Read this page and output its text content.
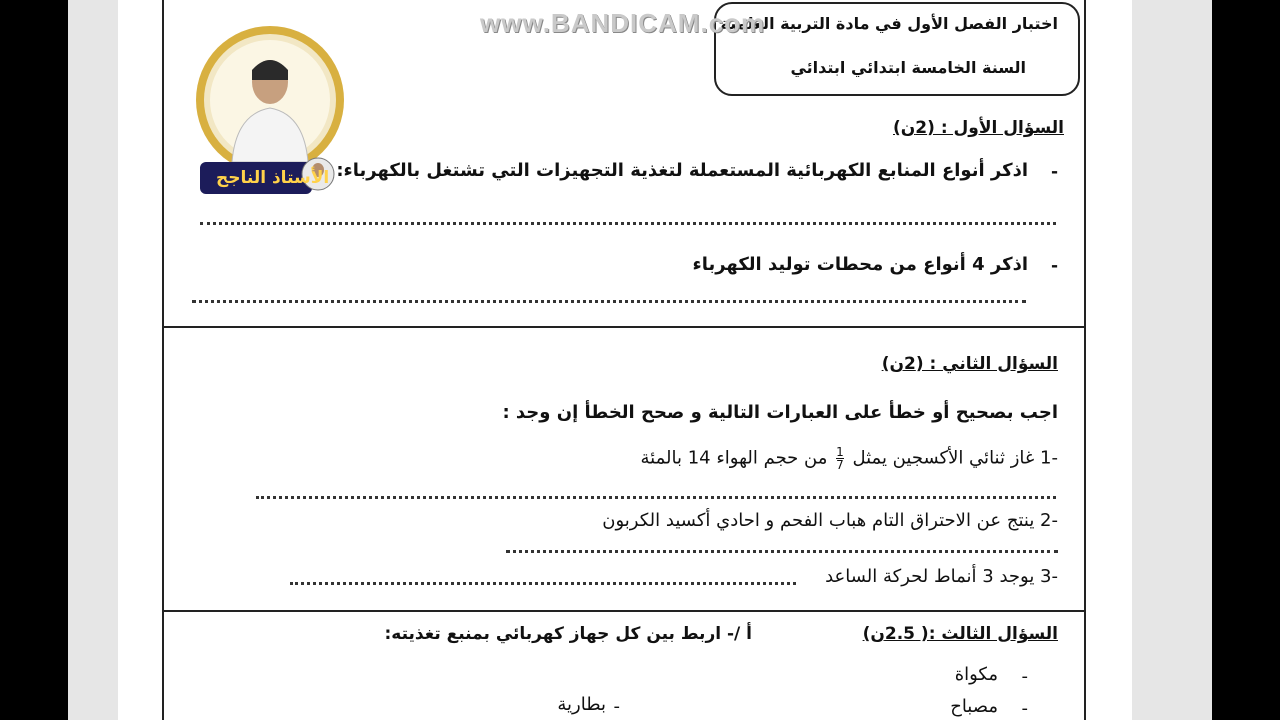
الأستاذ الناجح
اختبار الفصل الأول في مادة التربية العلمية
السنة الخامسة ابتدائي ابتدائي
www.BANDICAM.com
السؤال الأول : (2ن)
-
اذكر أنواع المنابع الكهربائية المستعملة لتغذية التجهيزات التي تشتغل بالكهرباء:
-
اذكر 4 أنواع من محطات توليد الكهرباء
السؤال الثاني : (2ن)
اجب بصحيح أو خطأ على العبارات التالية و صحح الخطأ إن وجد :
-1 غاز ثنائي الأكسجين يمثل
$\frac{1}{7}$
من حجم الهواء 14 بالمئة
-2 ينتج عن الاحتراق التام هباب الفحم و احادي أكسيد الكربون
-3 يوجد 3 أنماط لحركة الساعد
السؤال الثالث :( 2.5ن)
أ /- اربط بين كل جهاز كهربائي بمنبع تغذيته:
-
مكواة
-
مصباح
-
بطارية
